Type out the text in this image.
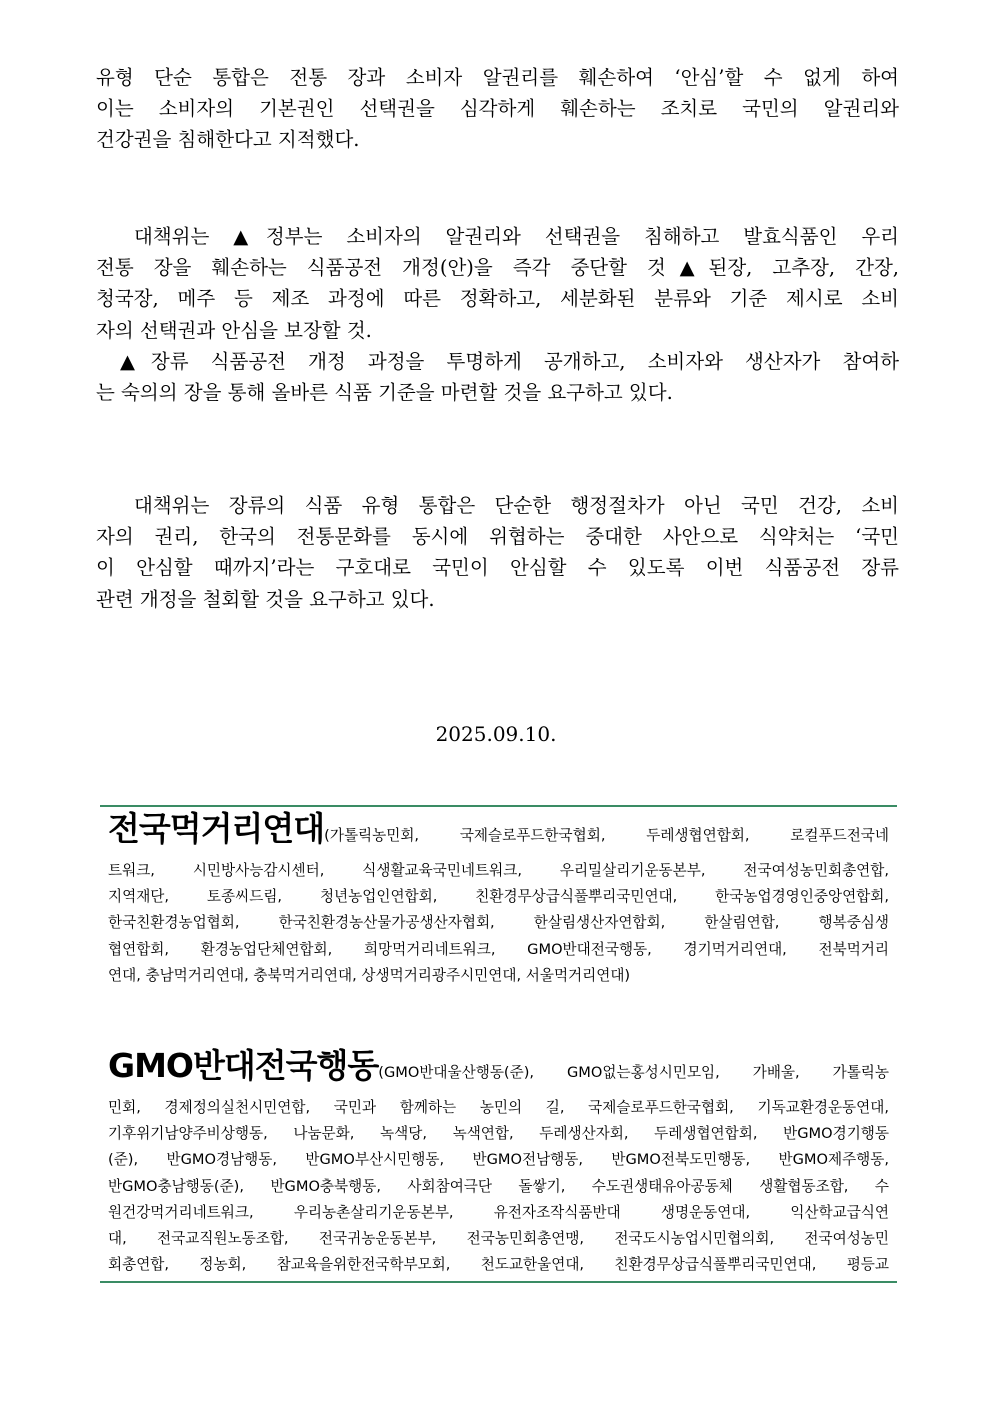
유형 단순 통합은 전통 장과 소비자 알권리를 훼손하여 ‘안심’할 수 없게 하여
이는 소비자의 기본권인 선택권을 심각하게 훼손하는 조치로 국민의 알권리와
건강권을 침해한다고 지적했다.
대책위는 ▲정부는 소비자의 알권리와 선택권을 침해하고 발효식품인 우리
전통 장을 훼손하는 식품공전 개정(안)을 즉각 중단할 것▲된장, 고추장, 간장,
청국장, 메주 등 제조 과정에 따른 정확하고, 세분화된 분류와 기준 제시로 소비
자의 선택권과 안심을 보장할 것.
▲장류 식품공전 개정 과정을 투명하게 공개하고, 소비자와 생산자가 참여하
는 숙의의 장을 통해 올바른 식품 기준을 마련할 것을 요구하고 있다.
대책위는 장류의 식품 유형 통합은 단순한 행정절차가 아닌 국민 건강, 소비
자의 권리, 한국의 전통문화를 동시에 위협하는 중대한 사안으로 식약처는 ‘국민
이 안심할 때까지’라는 구호대로 국민이 안심할 수 있도록 이번 식품공전 장류
관련 개정을 철회할 것을 요구하고 있다.
2025.09.10.
전국먹거리연대(가톨릭농민회, 국제슬로푸드한국협회, 두레생협연합회, 로컬푸드전국네
트워크, 시민방사능감시센터, 식생활교육국민네트워크, 우리밀살리기운동본부, 전국여성농민회총연합,
지역재단, 토종씨드림, 청년농업인연합회, 친환경무상급식풀뿌리국민연대, 한국농업경영인중앙연합회,
한국친환경농업협회, 한국친환경농산물가공생산자협회, 한살림생산자연합회, 한살림연합, 행복중심생
협연합회, 환경농업단체연합회, 희망먹거리네트워크, GMO반대전국행동, 경기먹거리연대, 전북먹거리
연대, 충남먹거리연대, 충북먹거리연대, 상생먹거리광주시민연대, 서울먹거리연대)
GMO반대전국행동(GMO반대울산행동(준), GMO없는홍성시민모임, 가배울, 가톨릭농
민회, 경제정의실천시민연합, 국민과 함께하는 농민의 길, 국제슬로푸드한국협회, 기독교환경운동연대,
기후위기남양주비상행동, 나눔문화, 녹색당, 녹색연합, 두레생산자회, 두레생협연합회, 반GMO경기행동
(준), 반GMO경남행동, 반GMO부산시민행동, 반GMO전남행동, 반GMO전북도민행동, 반GMO제주행동,
반GMO충남행동(준), 반GMO충북행동, 사회참여극단 돌쌓기, 수도권생태유아공동체 생활협동조합, 수
원건강먹거리네트워크, 우리농촌살리기운동본부, 유전자조작식품반대 생명운동연대, 익산학교급식연
대, 전국교직원노동조합, 전국귀농운동본부, 전국농민회총연맹, 전국도시농업시민협의회, 전국여성농민
회총연합, 정농회, 참교육을위한전국학부모회, 천도교한울연대, 친환경무상급식풀뿌리국민연대, 평등교
